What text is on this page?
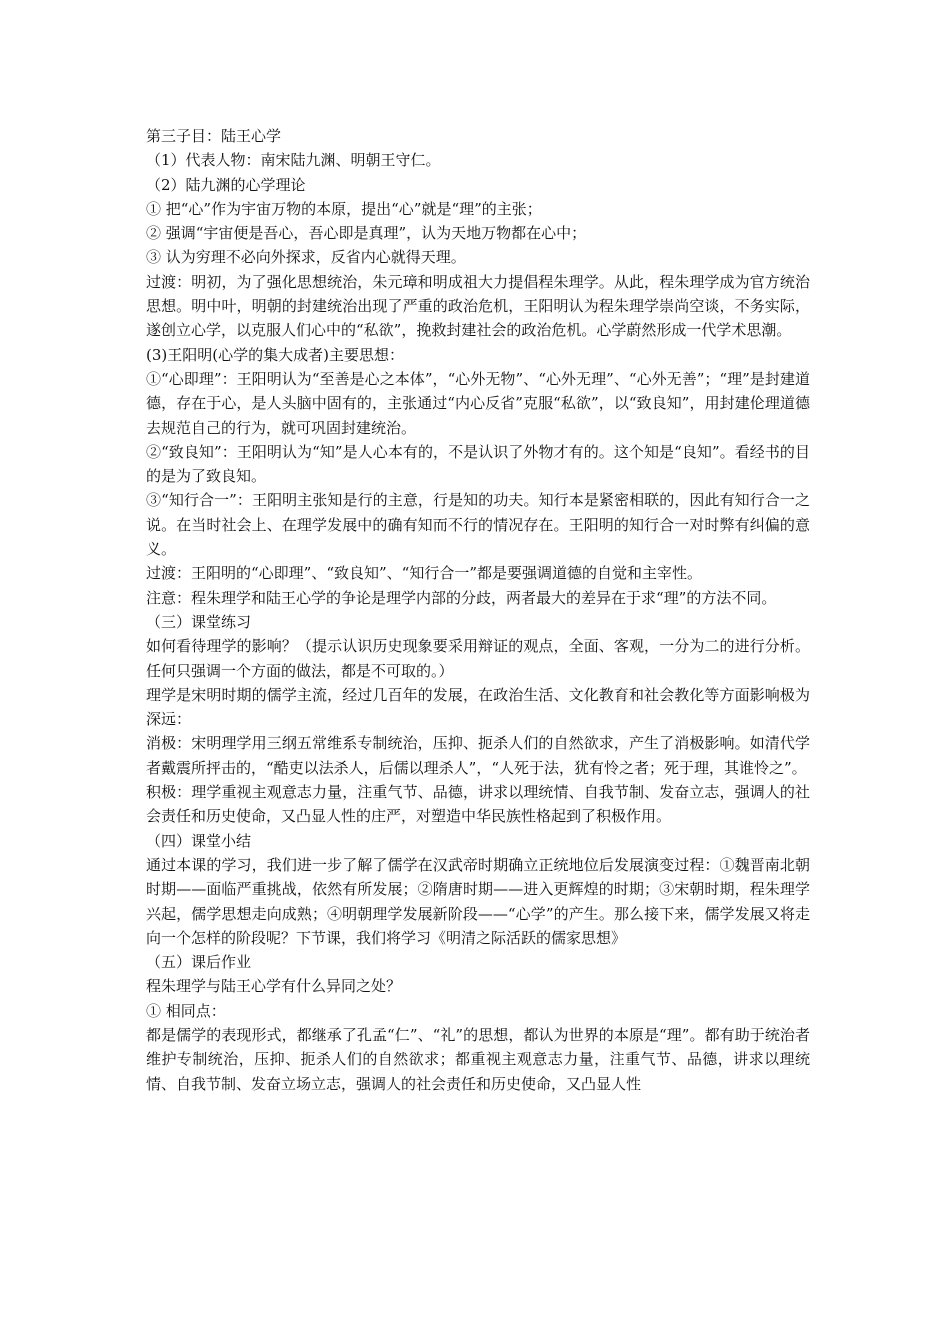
第三子目：陆王心学

（1）代表人物：南宋陆九渊、明朝王守仁。

（2）陆九渊的心学理论

① 把“心”作为宇宙万物的本原，提出“心”就是“理”的主张；

② 强调“宇宙便是吾心，吾心即是真理”，认为天地万物都在心中；

③ 认为穷理不必向外探求，反省内心就得天理。

过渡：明初，为了强化思想统治，朱元璋和明成祖大力提倡程朱理学。从此，程朱理学成为官方统治思想。明中叶，明朝的封建统治出现了严重的政治危机，王阳明认为程朱理学崇尚空谈，不务实际，遂创立心学，以克服人们心中的“私欲”，挽救封建社会的政治危机。心学蔚然形成一代学术思潮。

(3)王阳明(心学的集大成者)主要思想：

①“心即理”：王阳明认为“至善是心之本体”，“心外无物”、“心外无理”、“心外无善”；“理”是封建道德，存在于心，是人头脑中固有的，主张通过“内心反省”克服“私欲”，以“致良知”，用封建伦理道德去规范自己的行为，就可巩固封建统治。

②“致良知”：王阳明认为“知”是人心本有的，不是认识了外物才有的。这个知是“良知”。看经书的目的是为了致良知。

③“知行合一”：王阳明主张知是行的主意，行是知的功夫。知行本是紧密相联的，因此有知行合一之说。在当时社会上、在理学发展中的确有知而不行的情况存在。王阳明的知行合一对时弊有纠偏的意义。

过渡：王阳明的“心即理”、“致良知”、“知行合一”都是要强调道德的自觉和主宰性。

注意：程朱理学和陆王心学的争论是理学内部的分歧，两者最大的差异在于求“理”的方法不同。

（三）课堂练习

如何看待理学的影响？（提示认识历史现象要采用辩证的观点，全面、客观，一分为二的进行分析。任何只强调一个方面的做法，都是不可取的。）

理学是宋明时期的儒学主流，经过几百年的发展，在政治生活、文化教育和社会教化等方面影响极为深远：

消极：宋明理学用三纲五常维系专制统治，压抑、扼杀人们的自然欲求，产生了消极影响。如清代学者戴震所抨击的，“酷吏以法杀人，后儒以理杀人”，“人死于法，犹有怜之者；死于理，其谁怜之”。

积极：理学重视主观意志力量，注重气节、品德，讲求以理统情、自我节制、发奋立志，强调人的社会责任和历史使命，又凸显人性的庄严，对塑造中华民族性格起到了积极作用。

（四）课堂小结

通过本课的学习，我们进一步了解了儒学在汉武帝时期确立正统地位后发展演变过程：①魏晋南北朝时期——面临严重挑战，依然有所发展；②隋唐时期——进入更辉煌的时期；③宋朝时期，程朱理学兴起，儒学思想走向成熟；④明朝理学发展新阶段——“心学”的产生。那么接下来，儒学发展又将走向一个怎样的阶段呢？下节课，我们将学习《明清之际活跃的儒家思想》

（五）课后作业

程朱理学与陆王心学有什么异同之处？

① 相同点：

都是儒学的表现形式，都继承了孔孟“仁”、“礼”的思想，都认为世界的本原是“理”。都有助于统治者维护专制统治，压抑、扼杀人们的自然欲求；都重视主观意志力量，注重气节、品德，讲求以理统情、自我节制、发奋立场立志，强调人的社会责任和历史使命，又凸显人性
